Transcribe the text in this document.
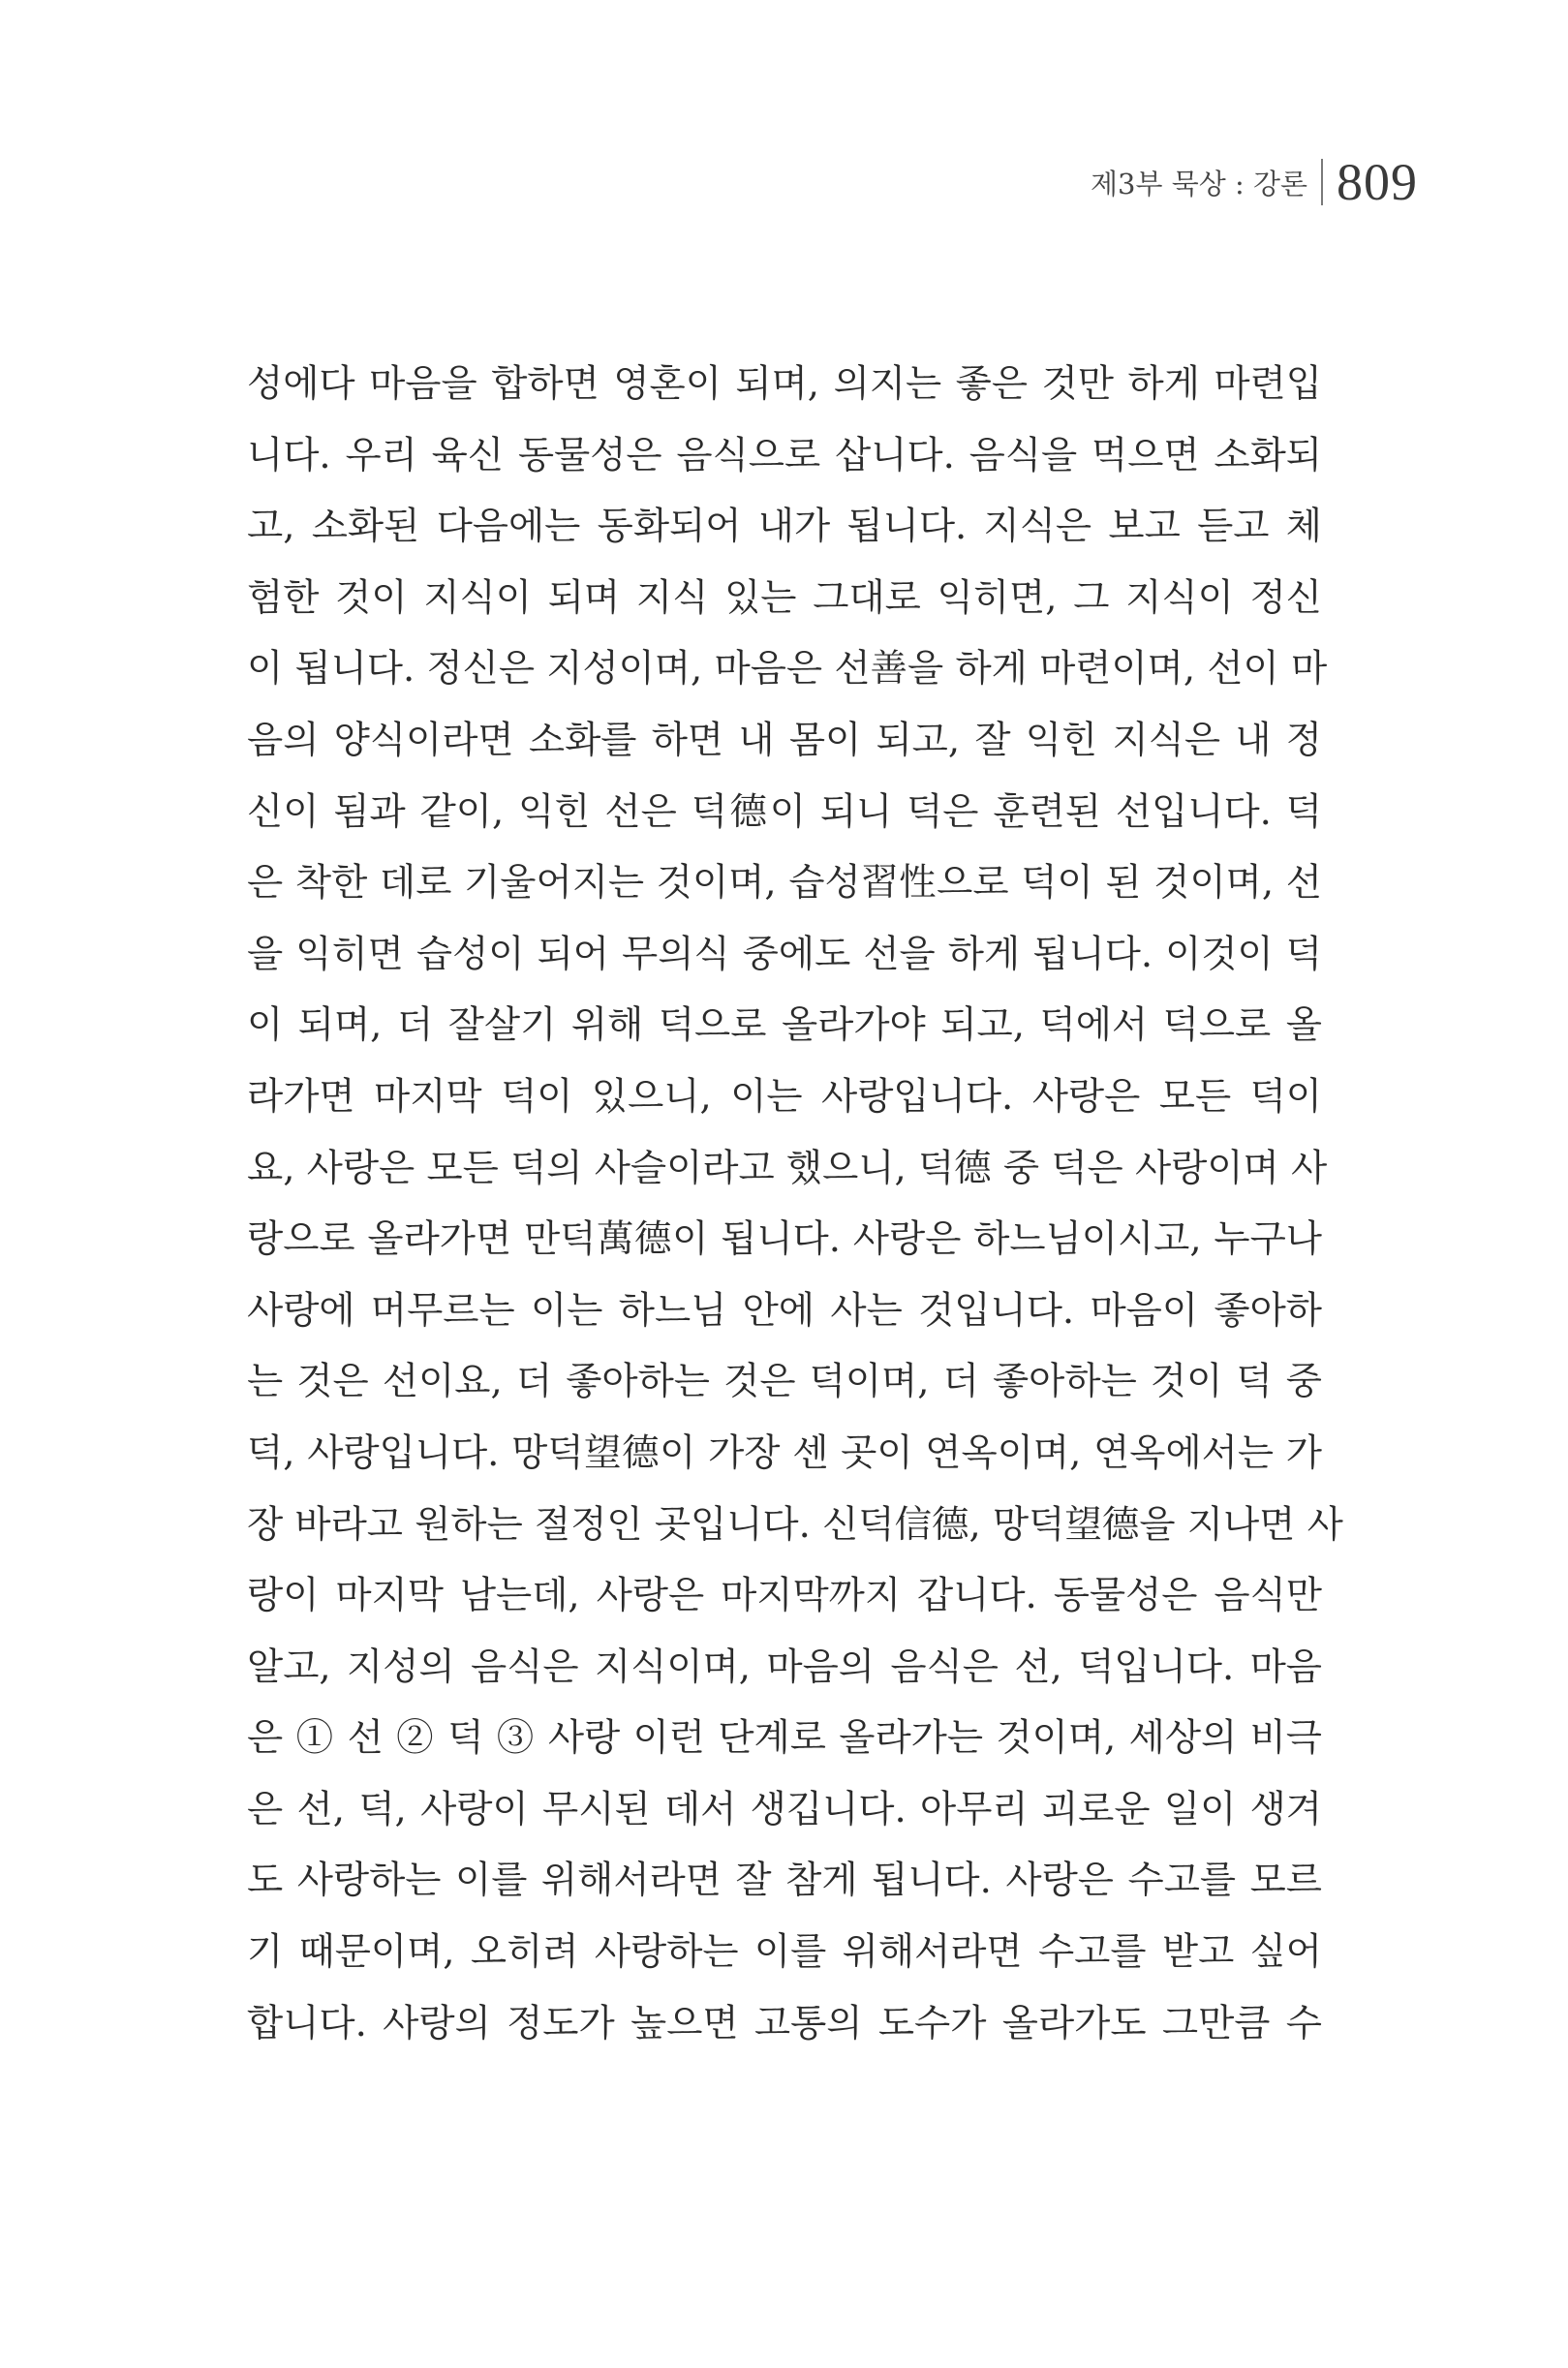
제3부 묵상 : 강론 809
성에다 마음을 합하면 영혼이 되며, 의지는 좋은 것만 하게 마련입
니다. 우리 육신 동물성은 음식으로 삽니다. 음식을 먹으면 소화되
고, 소화된 다음에는 동화되어 내가 됩니다. 지식은 보고 듣고 체
험한 것이 지식이 되며 지식 있는 그대로 익히면, 그 지식이 정신
이 됩니다. 정신은 지성이며, 마음은 선善을 하게 마련이며, 선이 마
음의 양식이라면 소화를 하면 내 몸이 되고, 잘 익힌 지식은 내 정
신이 됨과 같이, 익힌 선은 덕德이 되니 덕은 훈련된 선입니다. 덕
은 착한 데로 기울어지는 것이며, 습성習性으로 덕이 된 것이며, 선
을 익히면 습성이 되어 무의식 중에도 선을 하게 됩니다. 이것이 덕
이 되며, 더 잘살기 위해 덕으로 올라가야 되고, 덕에서 덕으로 올
라가면 마지막 덕이 있으니, 이는 사랑입니다. 사랑은 모든 덕이
요, 사랑은 모든 덕의 사슬이라고 했으니, 덕德 중 덕은 사랑이며 사
랑으로 올라가면 만덕萬德이 됩니다. 사랑은 하느님이시고, 누구나
사랑에 머무르는 이는 하느님 안에 사는 것입니다. 마음이 좋아하
는 것은 선이요, 더 좋아하는 것은 덕이며, 더 좋아하는 것이 덕 중
덕, 사랑입니다. 망덕望德이 가장 센 곳이 연옥이며, 연옥에서는 가
장 바라고 원하는 절정인 곳입니다. 신덕信德, 망덕望德을 지나면 사
랑이 마지막 남는데, 사랑은 마지막까지 갑니다. 동물성은 음식만
알고, 지성의 음식은 지식이며, 마음의 음식은 선, 덕입니다. 마음
은 ① 선 ② 덕 ③ 사랑 이런 단계로 올라가는 것이며, 세상의 비극
은 선, 덕, 사랑이 무시된 데서 생깁니다. 아무리 괴로운 일이 생겨
도 사랑하는 이를 위해서라면 잘 참게 됩니다. 사랑은 수고를 모르
기 때문이며, 오히려 사랑하는 이를 위해서라면 수고를 받고 싶어
합니다. 사랑의 정도가 높으면 고통의 도수가 올라가도 그만큼 수
